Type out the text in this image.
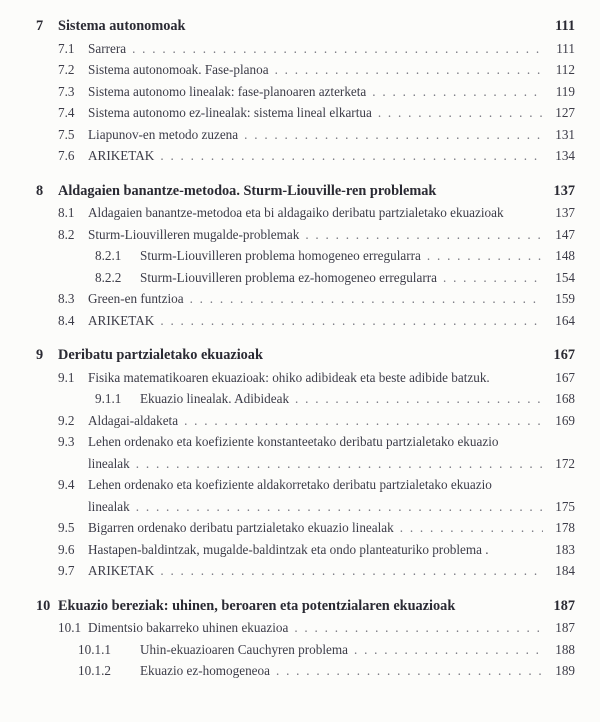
7	Sistema autonomoak	111
7.1	Sarrera . . .	111
7.2	Sistema autonomoak. Fase-planoa . . .	112
7.3	Sistema autonomo linealak: fase-planoaren azterketa . . .	119
7.4	Sistema autonomo ez-linealak: sistema lineal elkartua . . .	127
7.5	Liapunov-en metodo zuzena . . .	131
7.6	ARIKETAK . . .	134
8	Aldagaien banantze-metodoa. Sturm-Liouville-ren problemak	137
8.1	Aldagaien banantze-metodoa eta bi aldagaiko deribatu partzialetako ekuazioak	137
8.2	Sturm-Liouvilleren mugalde-problemak . . .	147
8.2.1	Sturm-Liouvilleren problema homogeneo erregularra . . .	148
8.2.2	Sturm-Liouvilleren problema ez-homogeneo erregularra . . .	154
8.3	Green-en funtzioa . . .	159
8.4	ARIKETAK . . .	164
9	Deribatu partzialetako ekuazioak	167
9.1	Fisika matematikoaren ekuazioak: ohiko adibideak eta beste adibide batzuk.	167
9.1.1	Ekuazio linealak. Adibideak . . .	168
9.2	Aldagai-aldaketa . . .	169
9.3	Lehen ordenako eta koefiziente konstanteetako deribatu partzialetako ekuazio
linealak . . .	172
9.4	Lehen ordenako eta koefiziente aldakorretako deribatu partzialetako ekuazio
linealak . . .	175
9.5	Bigarren ordenako deribatu partzialetako ekuazio linealak . . .	178
9.6	Hastapen-baldintzak, mugalde-baldintzak eta ondo planteaturiko problema .	183
9.7	ARIKETAK . . .	184
10 Ekuazio bereziak: uhinen, beroaren eta potentzialaren ekuazioak	187
10.1 Dimentsio bakarreko uhinen ekuazioa . . .	187
10.1.1	Uhin-ekuazioaren Cauchyren problema . . .	188
10.1.2	Ekuazio ez-homogeneoa . . .	189
